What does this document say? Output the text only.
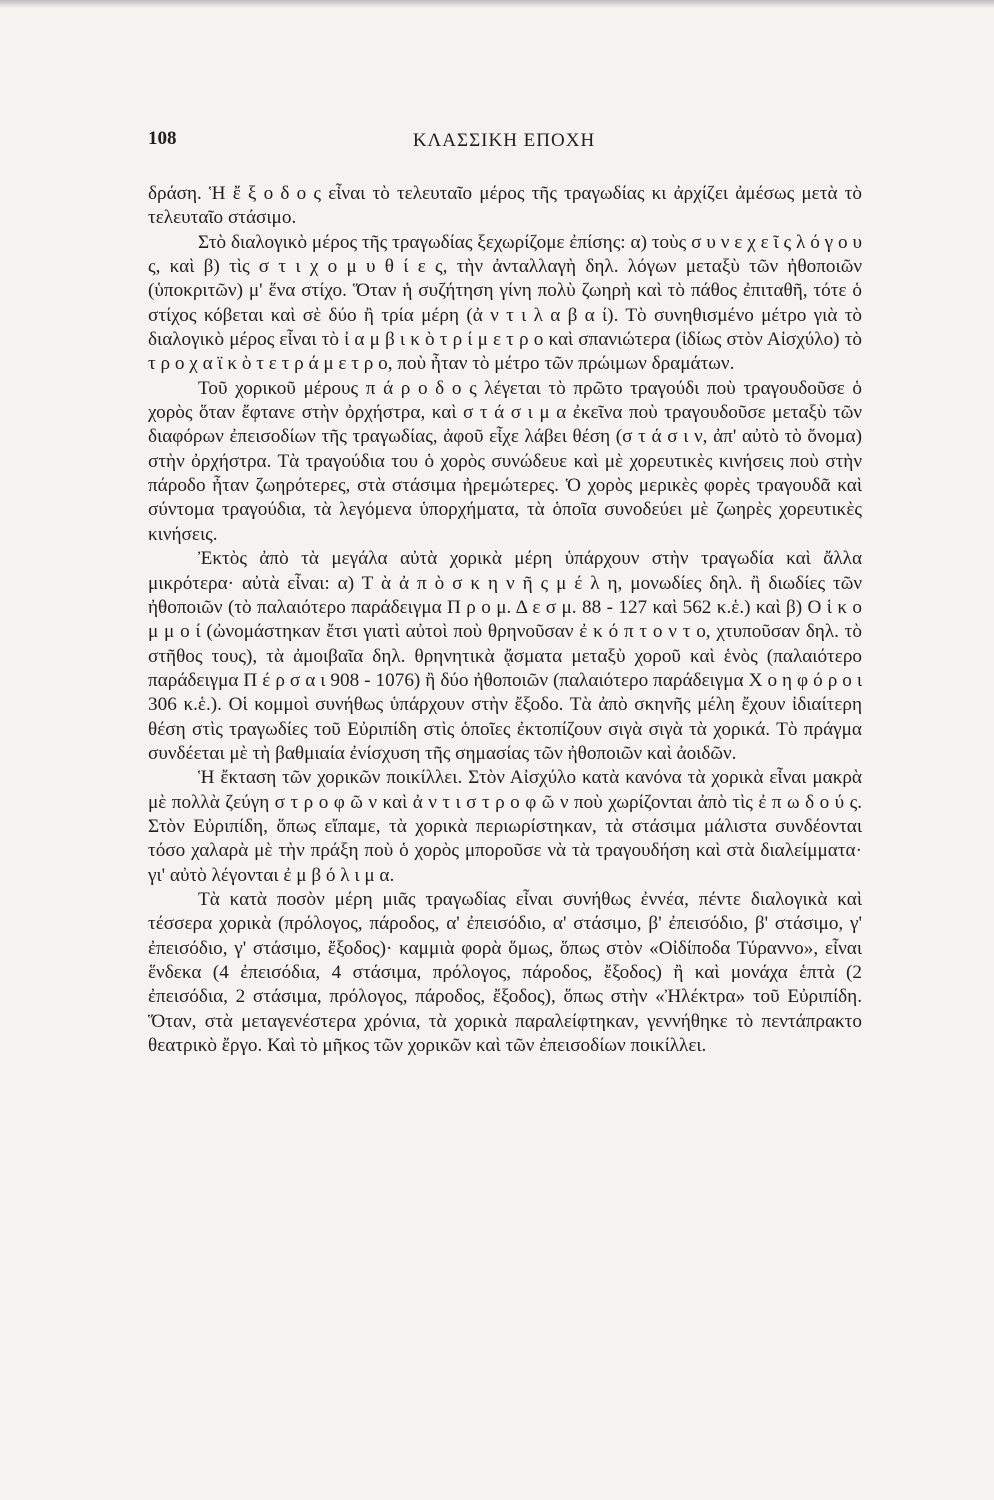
108	ΚΛΑΣΣΙΚΗ ΕΠΟΧΗ

δράση. Ἡ ἔ ξ ο δ ο ς εἶναι τὸ τελευταῖο μέρος τῆς τραγωδίας κι ἀρχίζει ἀμέσως μετὰ τὸ τελευταῖο στάσιμο.

Στὸ διαλογικὸ μέρος τῆς τραγωδίας ξεχωρίζομε ἐπίσης: α) τοὺς σ υ ν ε χ ε ῖ ς λ ό γ ο υ ς, καὶ β) τὶς σ τ ι χ ο μ υ θ ί ε ς, τὴν ἀνταλλαγὴ δηλ. λόγων μεταξὺ τῶν ἠθοποιῶν (ὑποκριτῶν) μ' ἕνα στίχο. Ὅταν ἡ συζήτηση γίνη πολὺ ζωηρὴ καὶ τὸ πάθος ἐπιταθῆ, τότε ὁ στίχος κόβεται καὶ σὲ δύο ἢ τρία μέρη (ἀ ν τ ι λ α β α ί). Τὸ συνηθισμένο μέτρο γιὰ τὸ διαλογικὸ μέρος εἶναι τὸ ἰ α μ β ι κ ὸ τ ρ ί μ ε τ ρ ο καὶ σπανιώτερα (ἰδίως στὸν Αἰσχύλο) τὸ τ ρ ο χ α ϊ κ ὸ τ ε τ ρ ά μ ε τ ρ ο, ποὺ ἦταν τὸ μέτρο τῶν πρώιμων δραμάτων.

Τοῦ χορικοῦ μέρους π ά ρ ο δ ο ς λέγεται τὸ πρῶτο τραγούδι ποὺ τραγουδοῦσε ὁ χορὸς ὅταν ἔφτανε στὴν ὀρχήστρα, καὶ σ τ ά σ ι μ α ἐκεῖνα ποὺ τραγουδοῦσε μεταξὺ τῶν διαφόρων ἐπεισοδίων τῆς τραγωδίας, ἀφοῦ εἶχε λάβει θέση (σ τ ά σ ι ν, ἀπ' αὐτὸ τὸ ὄνομα) στὴν ὀρχήστρα. Τὰ τραγούδια του ὁ χορὸς συνώδευε καὶ μὲ χορευτικὲς κινήσεις ποὺ στὴν πάροδο ἦταν ζωηρότερες, στὰ στάσιμα ἠρεμώτερες. Ὁ χορὸς μερικὲς φορὲς τραγουδᾶ καὶ σύντομα τραγούδια, τὰ λεγόμενα ὑπορχήματα, τὰ ὁποῖα συνοδεύει μὲ ζωηρὲς χορευτικὲς κινήσεις.

Ἐκτὸς ἀπὸ τὰ μεγάλα αὐτὰ χορικὰ μέρη ὑπάρχουν στὴν τραγωδία καὶ ἄλλα μικρότερα· αὐτὰ εἶναι: α) Τ ὰ ἀ π ὸ σ κ η ν ῆ ς μ έ λ η, μονωδίες δηλ. ἢ διωδίες τῶν ἠθοποιῶν (τὸ παλαιότερο παράδειγμα Π ρ ο μ. Δ ε σ μ. 88 - 127 καὶ 562 κ.ἑ.) καὶ β) Ο ἱ κ ο μ μ ο ί (ὠνομάστηκαν ἔτσι γιατὶ αὐτοὶ ποὺ θρηνοῦσαν ἐ κ ό π τ ο ν τ ο, χτυποῦσαν δηλ. τὸ στῆθος τους), τὰ ἀμοιβαῖα δηλ. θρηνητικὰ ᾄσματα μεταξὺ χοροῦ καὶ ἑνὸς (παλαιότερο παράδειγμα Π έ ρ σ α ι 908 - 1076) ἢ δύο ἠθοποιῶν (παλαιότερο παράδειγμα Χ ο η φ ό ρ ο ι 306 κ.ἑ.). Οἱ κομμοὶ συνήθως ὑπάρχουν στὴν ἔξοδο. Τὰ ἀπὸ σκηνῆς μέλη ἔχουν ἰδιαίτερη θέση στὶς τραγωδίες τοῦ Εὐριπίδη στὶς ὁποῖες ἐκτοπίζουν σιγὰ σιγὰ τὰ χορικά. Τὸ πράγμα συνδέεται μὲ τὴ βαθμιαία ἐνίσχυση τῆς σημασίας τῶν ἠθοποιῶν καὶ ἀοιδῶν.

Ἡ ἔκταση τῶν χορικῶν ποικίλλει. Στὸν Αἰσχύλο κατὰ κανόνα τὰ χορικὰ εἶναι μακρὰ μὲ πολλὰ ζεύγη σ τ ρ ο φ ῶ ν καὶ ἀ ν τ ι σ τ ρ ο φ ῶ ν ποὺ χωρίζονται ἀπὸ τὶς ἐ π ω δ ο ύ ς. Στὸν Εὐριπίδη, ὅπως εἴπαμε, τὰ χορικὰ περιωρίστηκαν, τὰ στάσιμα μάλιστα συνδέονται τόσο χαλαρὰ μὲ τὴν πράξη ποὺ ὁ χορὸς μποροῦσε νὰ τὰ τραγουδήση καὶ στὰ διαλείμματα· γι' αὐτὸ λέγονται ἐ μ β ό λ ι μ α.

Τὰ κατὰ ποσὸν μέρη μιᾶς τραγωδίας εἶναι συνήθως ἐννέα, πέντε διαλογικὰ καὶ τέσσερα χορικὰ (πρόλογος, πάροδος, α' ἐπεισόδιο, α' στάσιμο, β' ἐπεισόδιο, β' στάσιμο, γ' ἐπεισόδιο, γ' στάσιμο, ἔξοδος)· καμμιὰ φορὰ ὅμως, ὅπως στὸν «Οἰδίποδα Τύραννο», εἶναι ἕνδεκα (4 ἐπεισόδια, 4 στάσιμα, πρόλογος, πάροδος, ἔξοδος) ἢ καὶ μονάχα ἑπτὰ (2 ἐπεισόδια, 2 στάσιμα, πρόλογος, πάροδος, ἔξοδος), ὅπως στὴν «Ἠλέκτρα» τοῦ Εὐριπίδη. Ὅταν, στὰ μεταγενέστερα χρόνια, τὰ χορικὰ παραλείφτηκαν, γεννήθηκε τὸ πεντάπρακτο θεατρικὸ ἔργο. Καὶ τὸ μῆκος τῶν χορικῶν καὶ τῶν ἐπεισοδίων ποικίλλει.
